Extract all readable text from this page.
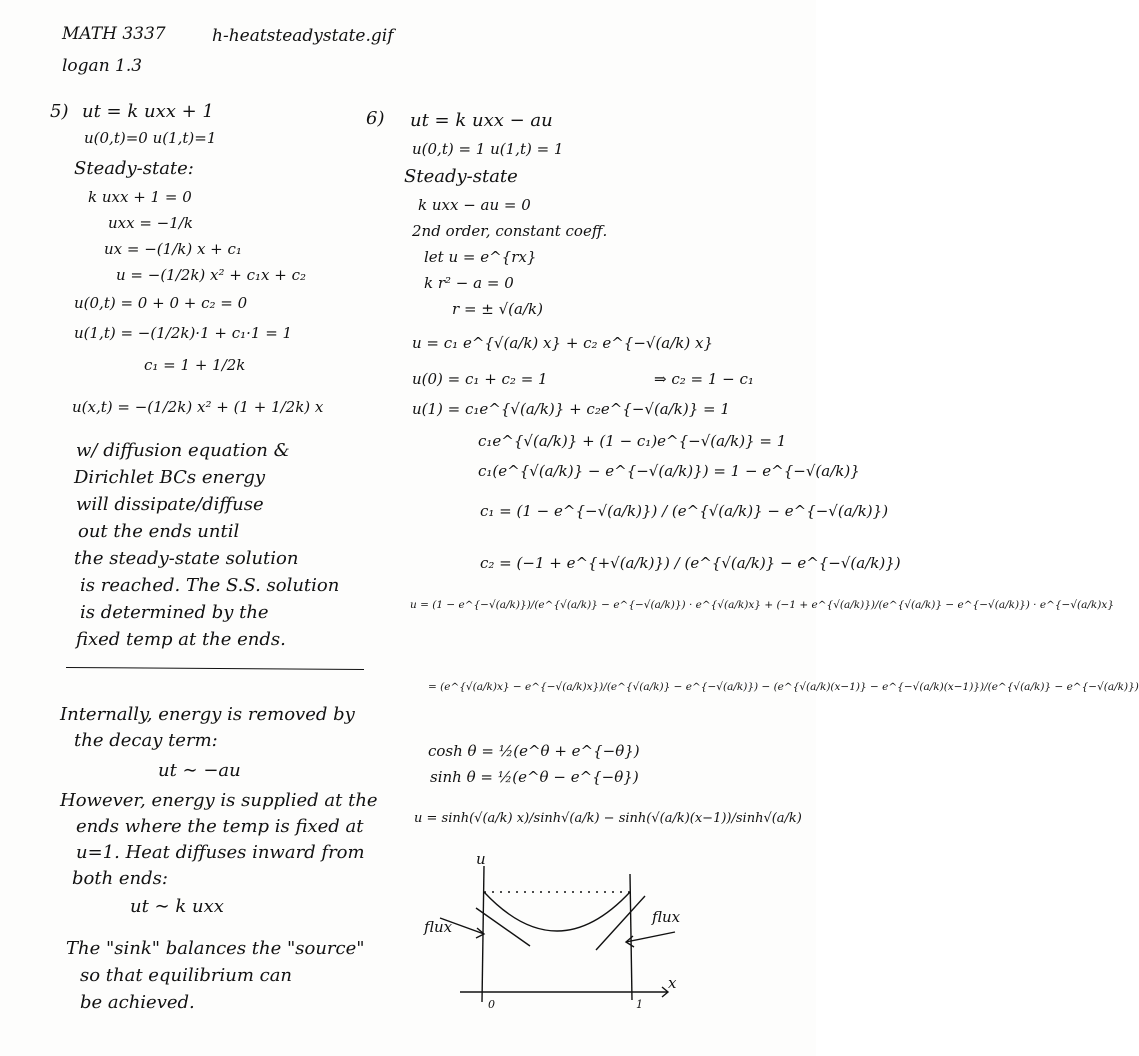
MATH 3337	h-heatsteadystate.gif
logan 1.3
5) ut = k uxx + 1
u(0,t)=0 u(1,t)=1
Steady-state:
k uxx + 1 = 0
uxx = −1/k
ux = −(1/k) x + c₁
u = −(1/2k) x² + c₁x + c₂
u(0,t) = 0 + 0 + c₂ = 0
u(1,t) = −(1/2k)·1 + c₁·1 = 1
c₁ = 1 + 1/2k
u(x,t) = −(1/2k) x² + (1 + 1/2k) x
w/ diffusion equation &
Dirichlet BCs energy
will dissipate/diffuse
out the ends until
the steady-state solution
is reached. The S.S. solution
is determined by the
fixed temp at the ends.
Internally, energy is removed by
the decay term:
ut ∼ −au
However, energy is supplied at the
ends where the temp is fixed at
u=1. Heat diffuses inward from
both ends:
ut ∼ k uxx
The "sink" balances the "source"
so that equilibrium can
be achieved.
6) ut = k uxx − au
u(0,t) = 1 u(1,t) = 1
Steady-state
k uxx − au = 0
2nd order, constant coeff.
let u = e^{rx}
k r² − a = 0
r = ± √(a/k)
u = c₁ e^{√(a/k) x} + c₂ e^{−√(a/k) x}
u(0) = c₁ + c₂ = 1	⇒ c₂ = 1 − c₁
u(1) = c₁e^{√(a/k)} + c₂e^{−√(a/k)} = 1
c₁e^{√(a/k)} + (1 − c₁)e^{−√(a/k)} = 1
c₁(e^{√(a/k)} − e^{−√(a/k)}) = 1 − e^{−√(a/k)}
c₁ = (1 − e^{−√(a/k)}) / (e^{√(a/k)} − e^{−√(a/k)})
c₂ = (−1 + e^{+√(a/k)}) / (e^{√(a/k)} − e^{−√(a/k)})
u = (1 − e^{−√(a/k)})/(e^{√(a/k)} − e^{−√(a/k)}) · e^{√(a/k)x} + (−1 + e^{√(a/k)})/(e^{√(a/k)} − e^{−√(a/k)}) · e^{−√(a/k)x}
= (e^{√(a/k)x} − e^{−√(a/k)x})/(e^{√(a/k)} − e^{−√(a/k)}) − (e^{√(a/k)(x−1)} − e^{−√(a/k)(x−1)})/(e^{√(a/k)} − e^{−√(a/k)})
cosh θ = ½(e^θ + e^{−θ})
sinh θ = ½(e^θ − e^{−θ})
u = sinh(√(a/k) x)/sinh√(a/k) − sinh(√(a/k)(x−1))/sinh√(a/k)
u
x
0	1
flux
flux
